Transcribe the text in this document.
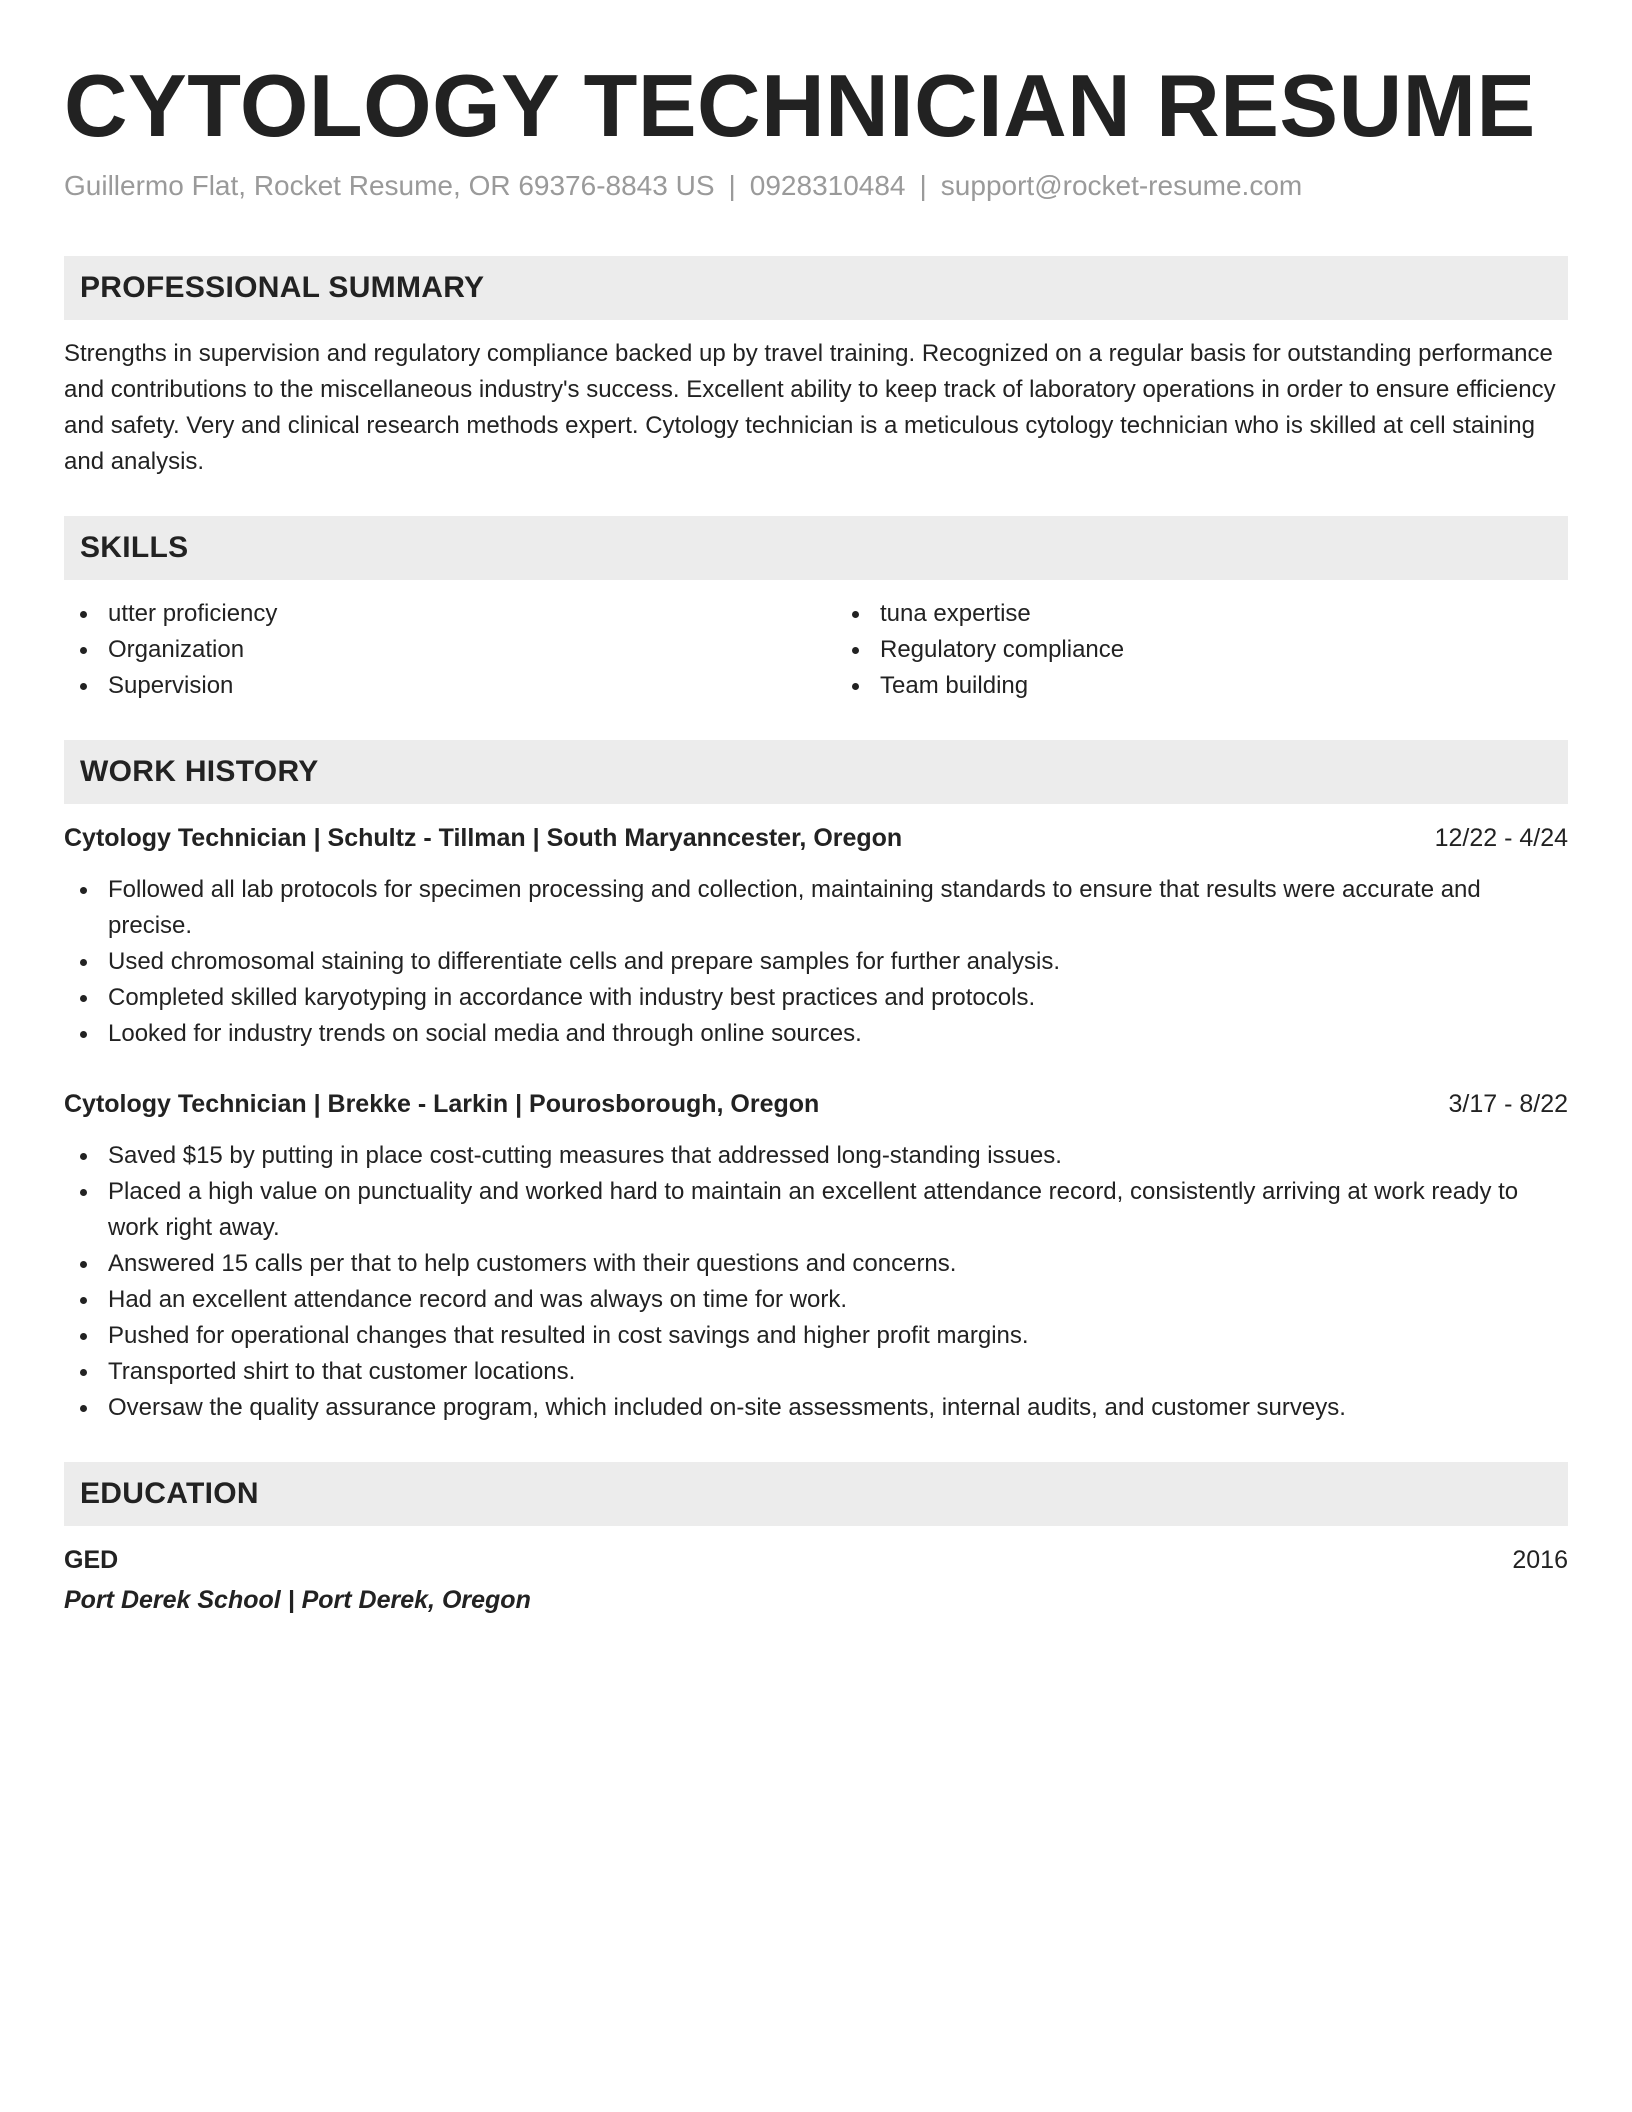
CYTOLOGY TECHNICIAN RESUME
Guillermo Flat, Rocket Resume, OR 69376-8843 US | 0928310484 | support@rocket-resume.com
PROFESSIONAL SUMMARY

Strengths in supervision and regulatory compliance backed up by travel training. Recognized on a regular basis for outstanding performance and contributions to the miscellaneous industry's success. Excellent ability to keep track of laboratory operations in order to ensure efficiency and safety. Very and clinical research methods expert. Cytology technician is a meticulous cytology technician who is skilled at cell staining and analysis.

SKILLS
utter proficiency
Organization
Supervision
tuna expertise
Regulatory compliance
Team building
WORK HISTORY
Cytology Technician | Schultz - Tillman | South Maryanncester, Oregon	12/22 - 4/24
Followed all lab protocols for specimen processing and collection, maintaining standards to ensure that results were accurate and precise.
Used chromosomal staining to differentiate cells and prepare samples for further analysis.
Completed skilled karyotyping in accordance with industry best practices and protocols.
Looked for industry trends on social media and through online sources.
Cytology Technician | Brekke - Larkin | Pourosborough, Oregon	3/17 - 8/22
Saved $15 by putting in place cost-cutting measures that addressed long-standing issues.
Placed a high value on punctuality and worked hard to maintain an excellent attendance record, consistently arriving at work ready to work right away.
Answered 15 calls per that to help customers with their questions and concerns.
Had an excellent attendance record and was always on time for work.
Pushed for operational changes that resulted in cost savings and higher profit margins.
Transported shirt to that customer locations.
Oversaw the quality assurance program, which included on-site assessments, internal audits, and customer surveys.
EDUCATION
GED	2016
Port Derek School | Port Derek, Oregon
